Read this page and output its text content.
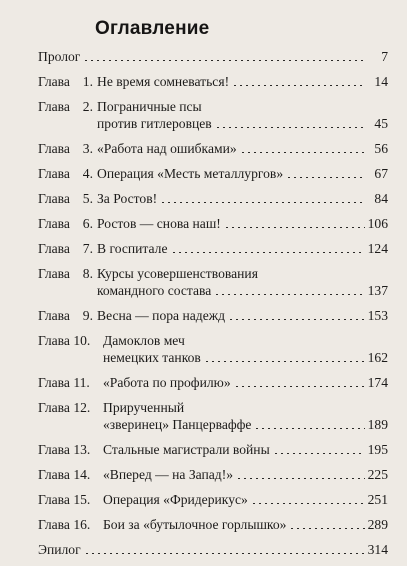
Оглавление
Пролог	7
Глава 1. Не время сомневаться!	14
Глава 2. Пограничные псы
против гитлеровцев	45
Глава 3. «Работа над ошибками»	56
Глава 4. Операция «Месть металлургов»	67
Глава 5. За Ростов!	84
Глава 6. Ростов — снова наш!	106
Глава 7. В госпитале	124
Глава 8. Курсы усовершенствования
командного состава	137
Глава 9. Весна — пора надежд	153
Глава 10. Дамоклов меч
немецких танков	162
Глава 11. «Работа по профилю»	174
Глава 12. Прирученный
«зверинец» Панцерваффе	189
Глава 13. Стальные магистрали войны	195
Глава 14. «Вперед — на Запад!»	225
Глава 15. Операция «Фридерикус»	251
Глава 16. Бои за «бутылочное горлышко»	289
Эпилог	314
